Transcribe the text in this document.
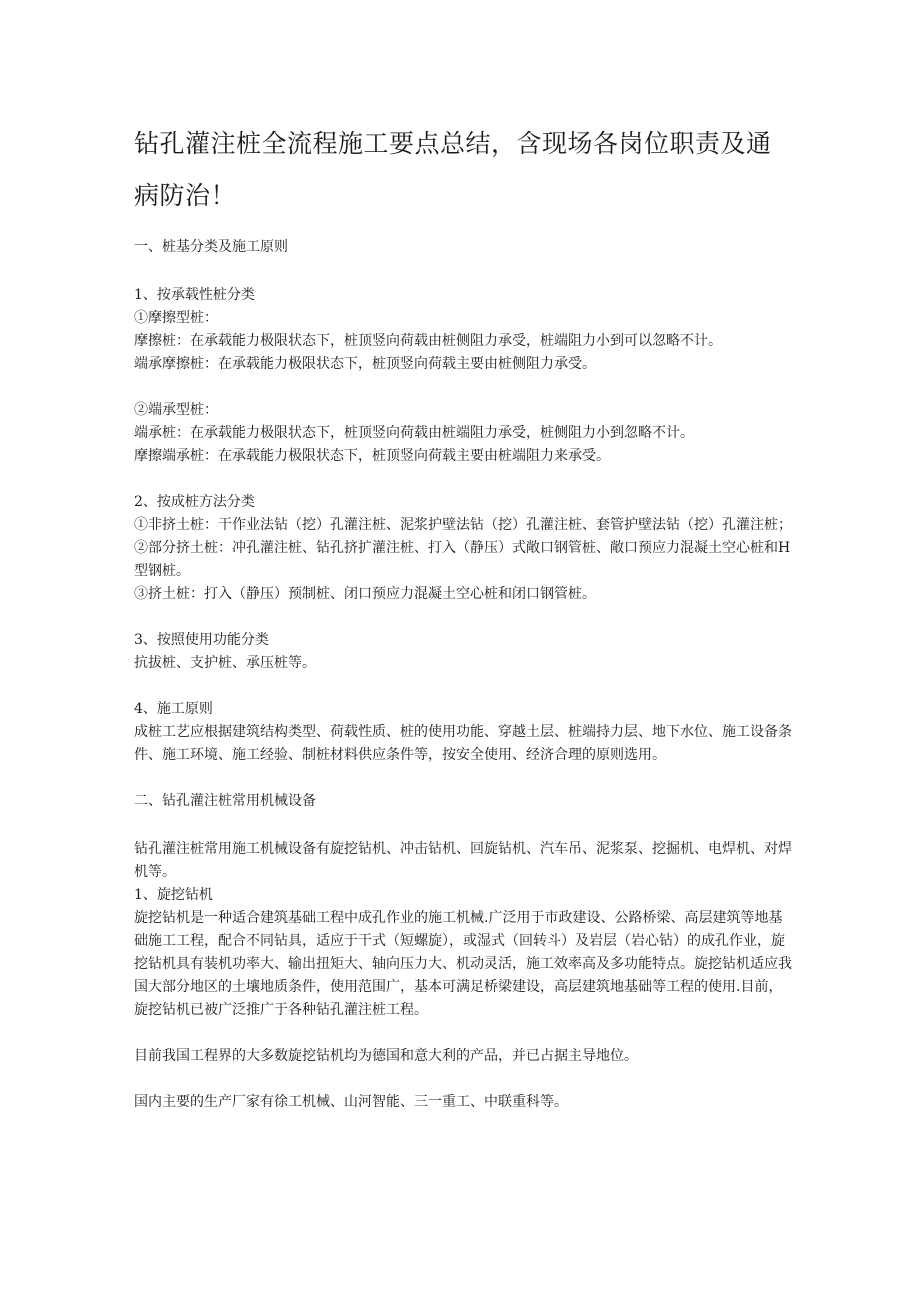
钻孔灌注桩全流程施工要点总结，含现场各岗位职责及通病防治！

一、桩基分类及施工原则

1、按承载性桩分类

①摩擦型桩：

摩擦桩：在承载能力极限状态下，桩顶竖向荷载由桩侧阻力承受，桩端阻力小到可以忽略不计。

端承摩擦桩：在承载能力极限状态下，桩顶竖向荷载主要由桩侧阻力承受。

②端承型桩：

端承桩：在承载能力极限状态下，桩顶竖向荷载由桩端阻力承受，桩侧阻力小到忽略不计。

摩擦端承桩：在承载能力极限状态下，桩顶竖向荷载主要由桩端阻力来承受。

2、按成桩方法分类

①非挤土桩：干作业法钻（挖）孔灌注桩、泥浆护壁法钻（挖）孔灌注桩、套管护壁法钻（挖）孔灌注桩；

②部分挤土桩：冲孔灌注桩、钻孔挤扩灌注桩、打入（静压）式敞口钢管桩、敞口预应力混凝土空心桩和H型钢桩。

③挤土桩：打入（静压）预制桩、闭口预应力混凝土空心桩和闭口钢管桩。

3、按照使用功能分类

抗拔桩、支护桩、承压桩等。

4、施工原则

成桩工艺应根据建筑结构类型、荷载性质、桩的使用功能、穿越土层、桩端持力层、地下水位、施工设备条件、施工环境、施工经验、制桩材料供应条件等，按安全使用、经济合理的原则选用。

二、钻孔灌注桩常用机械设备

钻孔灌注桩常用施工机械设备有旋挖钻机、冲击钻机、回旋钻机、汽车吊、泥浆泵、挖掘机、电焊机、对焊机等。

1、旋挖钻机

旋挖钻机是一种适合建筑基础工程中成孔作业的施工机械.广泛用于市政建设、公路桥梁、高层建筑等地基础施工工程，配合不同钻具，适应于干式（短螺旋），或湿式（回转斗）及岩层（岩心钻）的成孔作业，旋挖钻机具有装机功率大、输出扭矩大、轴向压力大、机动灵活，施工效率高及多功能特点。旋挖钻机适应我国大部分地区的土壤地质条件，使用范围广，基本可满足桥梁建设，高层建筑地基础等工程的使用.目前，旋挖钻机已被广泛推广于各种钻孔灌注桩工程。

目前我国工程界的大多数旋挖钻机均为德国和意大利的产品，并已占据主导地位。

国内主要的生产厂家有徐工机械、山河智能、三一重工、中联重科等。
